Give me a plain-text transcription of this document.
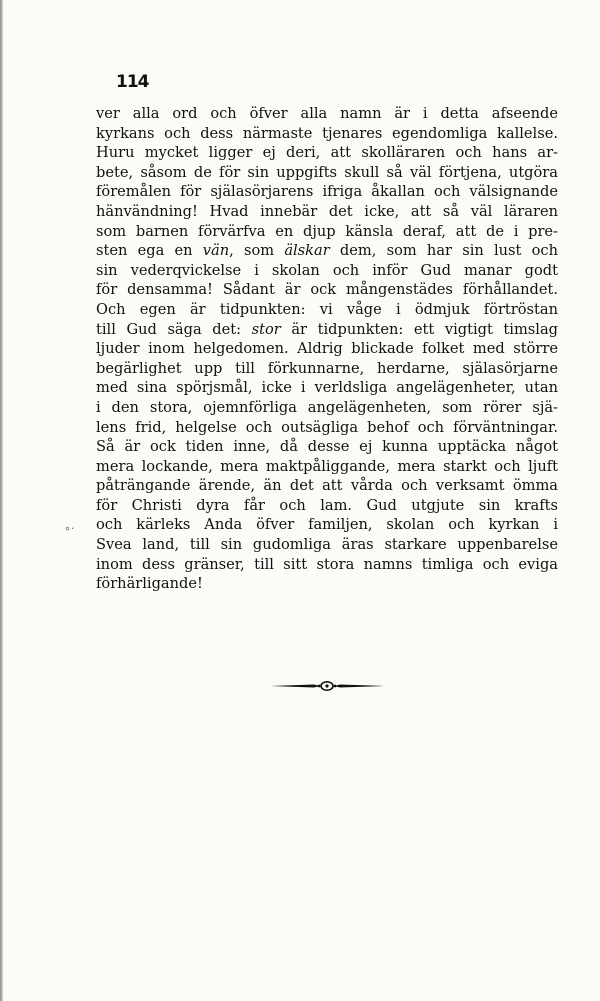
114
∘·
ver alla ord och öfver alla namn är i detta afseende
kyrkans och dess närmaste tjenares egendomliga kallelse.
Huru mycket ligger ej deri, att skolläraren och hans ar-
bete, såsom de för sin uppgifts skull så väl förtjena, utgöra
föremålen för själasörjarens ifriga åkallan och välsignande
hänvändning! Hvad innebär det icke, att så väl läraren
som barnen förvärfva en djup känsla deraf, att de i pre-
sten ega en vän, som älskar dem, som har sin lust och
sin vederqvickelse i skolan och inför Gud manar godt
för densamma! Sådant är ock mångenstädes förhållandet.
Och egen är tidpunkten: vi våge i ödmjuk förtröstan
till Gud säga det: stor är tidpunkten: ett vigtigt timslag
ljuder inom helgedomen. Aldrig blickade folket med större
begärlighet upp till förkunnarne, herdarne, själasörjarne
med sina spörjsmål, icke i verldsliga angelägenheter, utan
i den stora, ojemnförliga angelägenheten, som rörer sjä-
lens frid, helgelse och outsägliga behof och förväntningar.
Så är ock tiden inne, då desse ej kunna upptäcka något
mera lockande, mera maktpåliggande, mera starkt och ljuft
påträngande ärende, än det att vårda och verksamt ömma
för Christi dyra får och lam. Gud utgjute sin krafts
och kärleks Anda öfver familjen, skolan och kyrkan i
Svea land, till sin gudomliga äras starkare uppenbarelse
inom dess gränser, till sitt stora namns timliga och eviga
förhärligande!
